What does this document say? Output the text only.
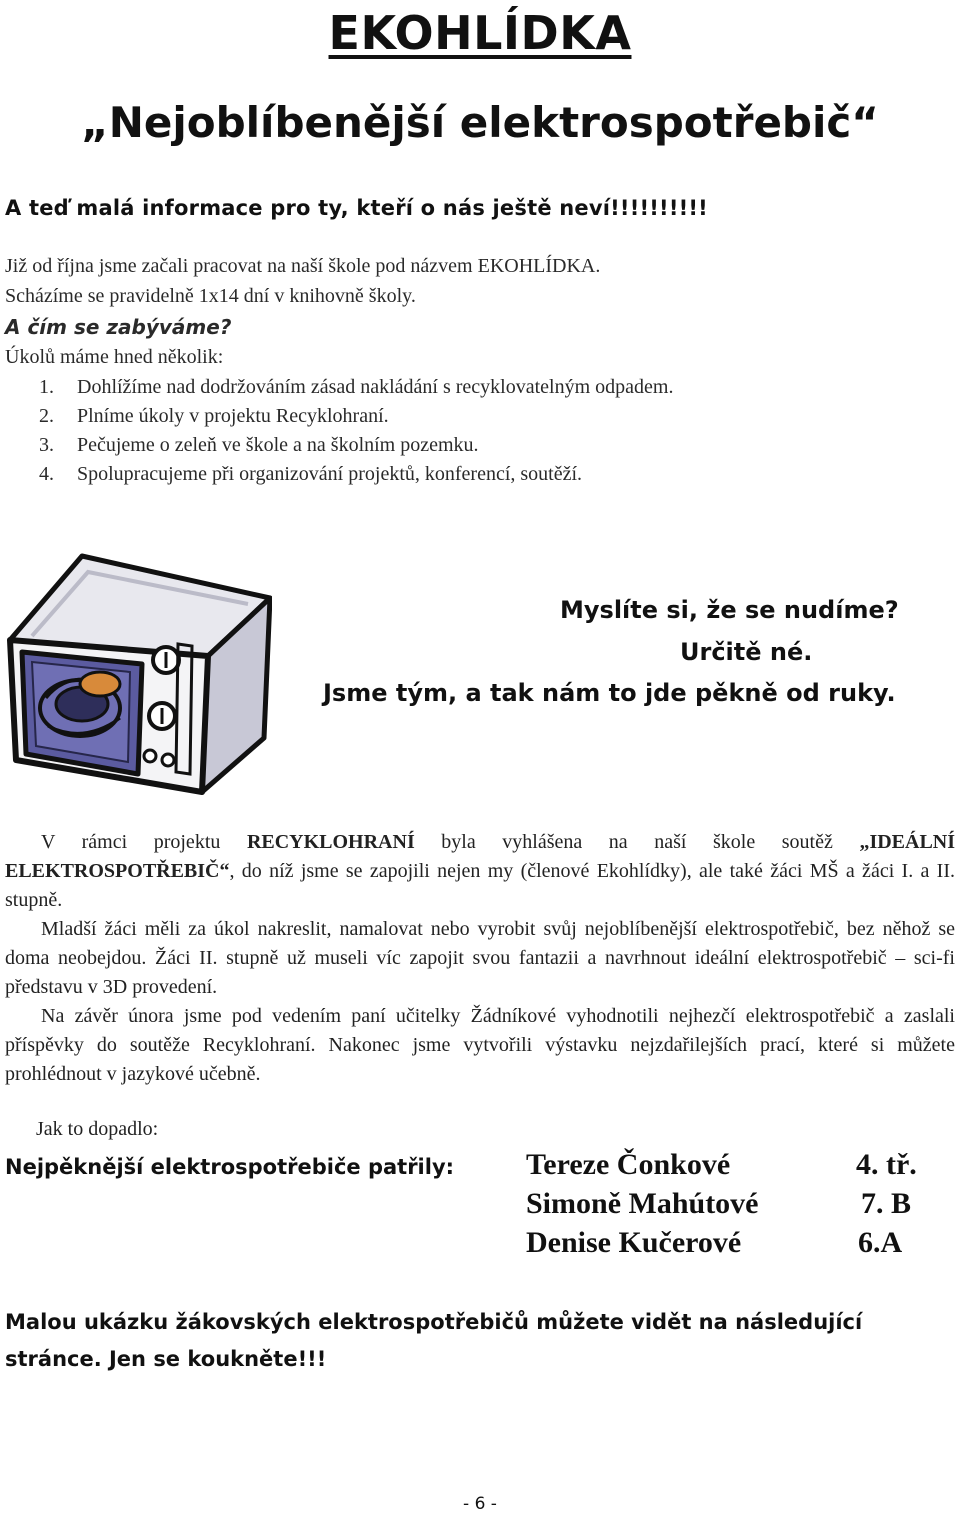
EKOHLÍDKA
„Nejoblíbenější elektrospotřebič“
A teď malá informace pro ty, kteří o nás ještě neví!!!!!!!!!!
Již od října jsme začali pracovat na naší škole pod názvem EKOHLÍDKA.
Scházíme se pravidelně 1x14 dní v knihovně školy.
A čím se zabýváme?
Úkolů máme hned několik:
1. Dohlížíme nad dodržováním zásad nakládání s recyklovatelným odpadem.
2. Plníme úkoly v projektu Recyklohraní.
3. Pečujeme o zeleň ve škole a na školním pozemku.
4. Spolupracujeme při organizování projektů, konferencí, soutěží.
Myslíte si, že se nudíme?
Určitě né.
Jsme tým, a tak nám to jde pěkně od ruky.
V rámci projektu RECYKLOHRANÍ byla vyhlášena na naší škole soutěž „IDEÁLNÍ ELEKTROSPOTŘEBIČ“, do níž jsme se zapojili nejen my (členové Ekohlídky), ale také žáci MŠ a žáci I. a II. stupně.
Mladší žáci měli za úkol nakreslit, namalovat nebo vyrobit svůj nejoblíbenější elektrospotřebič, bez něhož se doma neobejdou. Žáci II. stupně už museli víc zapojit svou fantazii a navrhnout ideální elektrospotřebič – sci-fi představu v 3D provedení.
Na závěr února jsme pod vedením paní učitelky Žádníkové vyhodnotili nejhezčí elektrospotřebič a zaslali příspěvky do soutěže Recyklohraní. Nakonec jsme vytvořili výstavku nejzdařilejších prací, které si můžete prohlédnout v jazykové učebně.
Jak to dopadlo:
Nejpěknější elektrospotřebiče patřily: Tereze Čonkové	4. tř.
Simoně Mahútové	7. B
Denise Kučerové	6.A
Malou ukázku žákovských elektrospotřebičů můžete vidět na následující stránce. Jen se koukněte!!!
- 6 -
